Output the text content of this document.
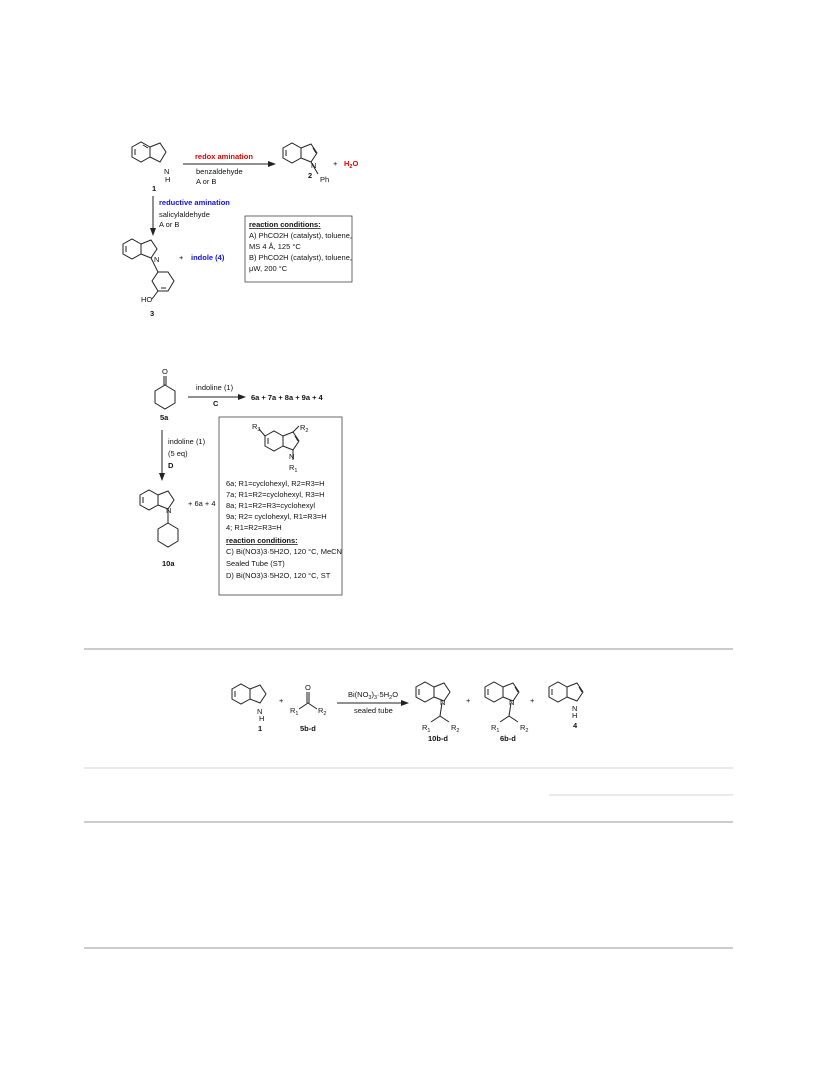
N
H
1
redox amination
benzaldehyde
A or B
N
2 Ph
+ $H_2O$
reductive amination
salicylaldehyde
A or B
N
HO
3
+ indole (4)
reaction conditions:
A) PhCO2H (catalyst), toluene,
MS 4 Å, 125 °C
B) PhCO2H (catalyst), toluene,
μW, 200 °C
O
5a
indoline (1)
C
6a + 7a + 8a + 9a + 4
indoline (1)
(5 eq)
D
N
+ 6a + 4
10a
$R_3$	$R_2$
N
$R_1$
6a; R1=cyclohexyl, R2=R3=H
7a; R1=R2=cyclohexyl, R3=H
8a; R1=R2=R3=cyclohexyl
9a; R2= cyclohexyl, R1=R3=H
4; R1=R2=R3=H
reaction conditions:
C) Bi(NO3)3·5H2O, 120 °C, MeCN
Sealed Tube (ST)
D) Bi(NO3)3·5H2O, 120 °C, ST
N
H
1
+
O
$R_1$	$R_2$
5b-d
$Bi(NO_3)_3\cdot 5H_2O$
sealed tube
N
$R_1$	$R_2$
10b-d
+	N
$R_1$	$R_2$
6b-d
+
N
H
4
